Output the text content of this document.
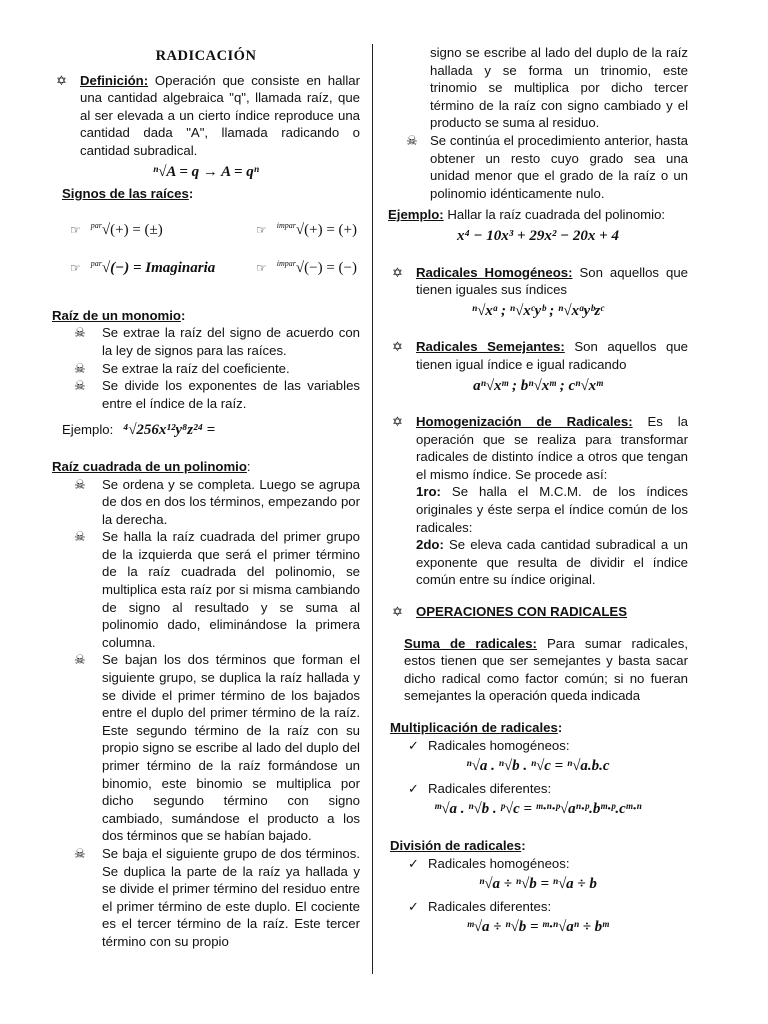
RADICACIÓN
✡ Definición: Operación que consiste en hallar una cantidad algebraica "q", llamada raíz, que al ser elevada a un cierto índice reproduce una cantidad dada "A", llamada radicando o cantidad subradical.
ⁿ√A = q → A = qⁿ
Signos de las raíces:
☞ $^{par}$√(+) = (±)	☞ $^{impar}$√(+) = (+)
☞ $^{par}$√(−) = Imaginaria	☞ $^{impar}$√(−) = (−)
Raíz de un monomio:
☠ Se extrae la raíz del signo de acuerdo con la ley de signos para las raíces.
☠ Se extrae la raíz del coeficiente.
☠ Se divide los exponentes de las variables entre el índice de la raíz.
Ejemplo: ⁴√256x¹²y⁸z²⁴ =
Raíz cuadrada de un polinomio:
☠ Se ordena y se completa. Luego se agrupa de dos en dos los términos, empezando por la derecha.
☠ Se halla la raíz cuadrada del primer grupo de la izquierda que será el primer término de la raíz cuadrada del polinomio, se multiplica esta raíz por si misma cambiando de signo al resultado y se suma al polinomio dado, eliminándose la primera columna.
☠ Se bajan los dos términos que forman el siguiente grupo, se duplica la raíz hallada y se divide el primer término de los bajados entre el duplo del primer término de la raíz. Este segundo término de la raíz con su propio signo se escribe al lado del duplo del primer término de la raíz formándose un binomio, este binomio se multiplica por dicho segundo término con signo cambiado, sumándose el producto a los dos términos que se habían bajado.
☠ Se baja el siguiente grupo de dos términos. Se duplica la parte de la raíz ya hallada y se divide el primer término del residuo entre el primer término de este duplo. El cociente es el tercer término de la raíz. Este tercer término con su propio
signo se escribe al lado del duplo de la raíz hallada y se forma un trinomio, este trinomio se multiplica por dicho tercer término de la raíz con signo cambiado y el producto se suma al residuo.
☠ Se continúa el procedimiento anterior, hasta obtener un resto cuyo grado sea una unidad menor que el grado de la raíz o un polinomio idénticamente nulo.
Ejemplo: Hallar la raíz cuadrada del polinomio:
x⁴ − 10x³ + 29x² − 20x + 4
✡ Radicales Homogéneos: Son aquellos que tienen iguales sus índices
ⁿ√xᵃ ; ⁿ√xᶜyᵇ ; ⁿ√xᵃyᵇzᶜ
✡ Radicales Semejantes: Son aquellos que tienen igual índice e igual radicando
aⁿ√xᵐ ; bⁿ√xᵐ ; cⁿ√xᵐ
✡ Homogenización de Radicales: Es la operación que se realiza para transformar radicales de distinto índice a otros que tengan el mismo índice. Se procede así:
1ro: Se halla el M.C.M. de los índices originales y éste serpa el índice común de los radicales:
2do: Se eleva cada cantidad subradical a un exponente que resulta de dividir el índice común entre su índice original.
✡ OPERACIONES CON RADICALES
Suma de radicales: Para sumar radicales, estos tienen que ser semejantes y basta sacar dicho radical como factor común; si no fueran semejantes la operación queda indicada
Multiplicación de radicales:
✓ Radicales homogéneos:
ⁿ√a . ⁿ√b . ⁿ√c = ⁿ√a.b.c
✓ Radicales diferentes:
ᵐ√a . ⁿ√b . ᵖ√c = ᵐ·ⁿ·ᵖ√aⁿ·ᵖ.bᵐ·ᵖ.cᵐ·ⁿ
División de radicales:
✓ Radicales homogéneos:
ⁿ√a ÷ ⁿ√b = ⁿ√a ÷ b
✓ Radicales diferentes:
ᵐ√a ÷ ⁿ√b = ᵐ·ⁿ√aⁿ ÷ bᵐ
